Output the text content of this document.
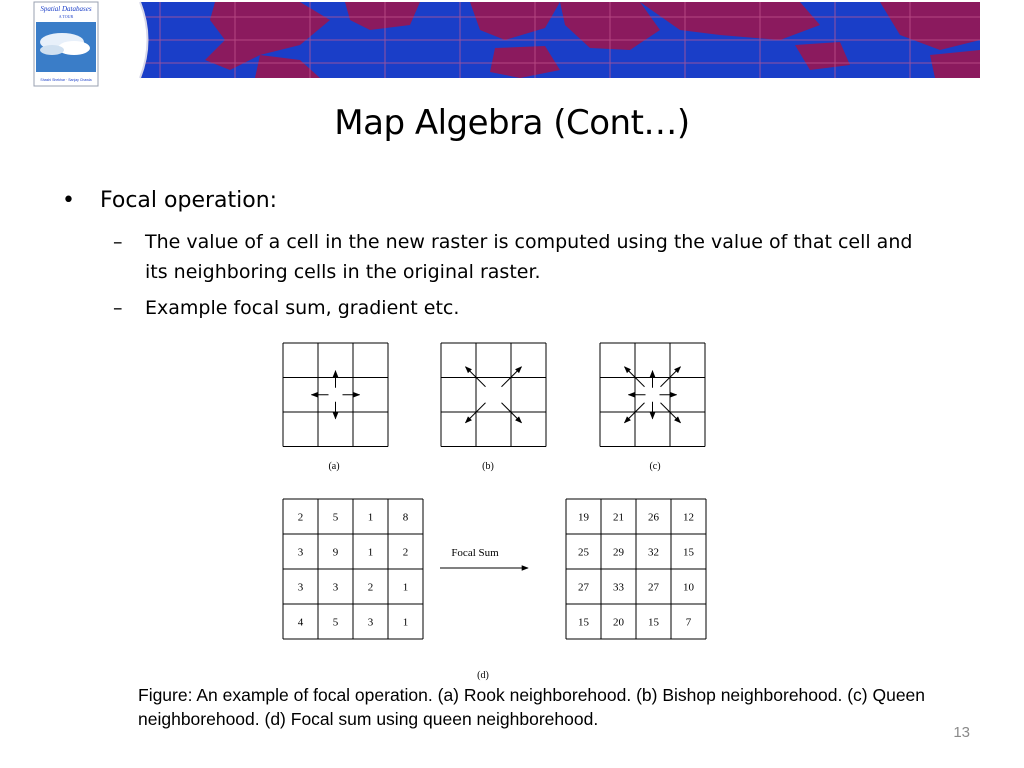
Spatial Databases
A TOUR
Shashi Shekhar · Sanjay Chawla
Map Algebra (Cont…)
• Focal operation:
– The value of a cell in the new raster is computed using the value of that cell and its neighboring cells in the original raster.
– Example focal sum, gradient etc.
2	5	1	8
3	9	1	2
3	3	2	1
4	5	3	1
19 21 26 12
25 29 32 15
27 33 27 10
15 20 15 7
(a)	(b)	(c)
(d)
Focal Sum
Figure: An example of focal operation. (a) Rook neighborehood. (b) Bishop neighborehood. (c) Queen neighborehood. (d) Focal sum using queen neighborehood.
13
